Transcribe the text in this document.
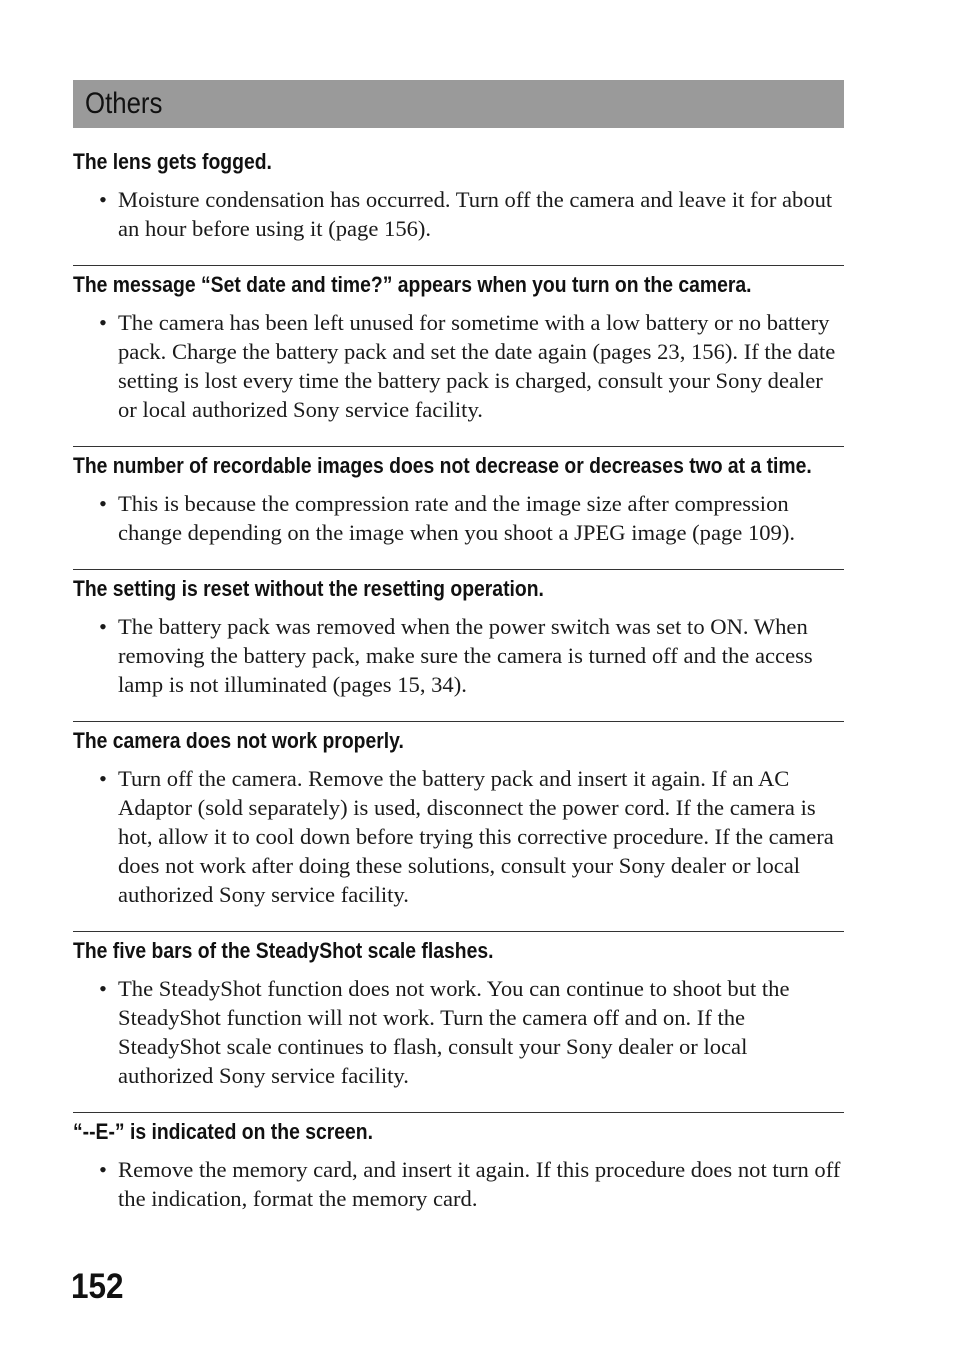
Others
The lens gets fogged.
• Moisture condensation has occurred. Turn off the camera and leave it for about an hour before using it (page 156).
The message “Set date and time?” appears when you turn on the camera.
• The camera has been left unused for sometime with a low battery or no battery pack. Charge the battery pack and set the date again (pages 23, 156). If the date setting is lost every time the battery pack is charged, consult your Sony dealer or local authorized Sony service facility.
The number of recordable images does not decrease or decreases two at a time.
• This is because the compression rate and the image size after compression change depending on the image when you shoot a JPEG image (page 109).
The setting is reset without the resetting operation.
• The battery pack was removed when the power switch was set to ON. When removing the battery pack, make sure the camera is turned off and the access lamp is not illuminated (pages 15, 34).
The camera does not work properly.
• Turn off the camera. Remove the battery pack and insert it again. If an AC Adaptor (sold separately) is used, disconnect the power cord. If the camera is hot, allow it to cool down before trying this corrective procedure. If the camera does not work after doing these solutions, consult your Sony dealer or local authorized Sony service facility.
The five bars of the SteadyShot scale flashes.
• The SteadyShot function does not work. You can continue to shoot but the SteadyShot function will not work. Turn the camera off and on. If the SteadyShot scale continues to flash, consult your Sony dealer or local authorized Sony service facility.
“--E-” is indicated on the screen.
• Remove the memory card, and insert it again. If this procedure does not turn off the indication, format the memory card.
152
